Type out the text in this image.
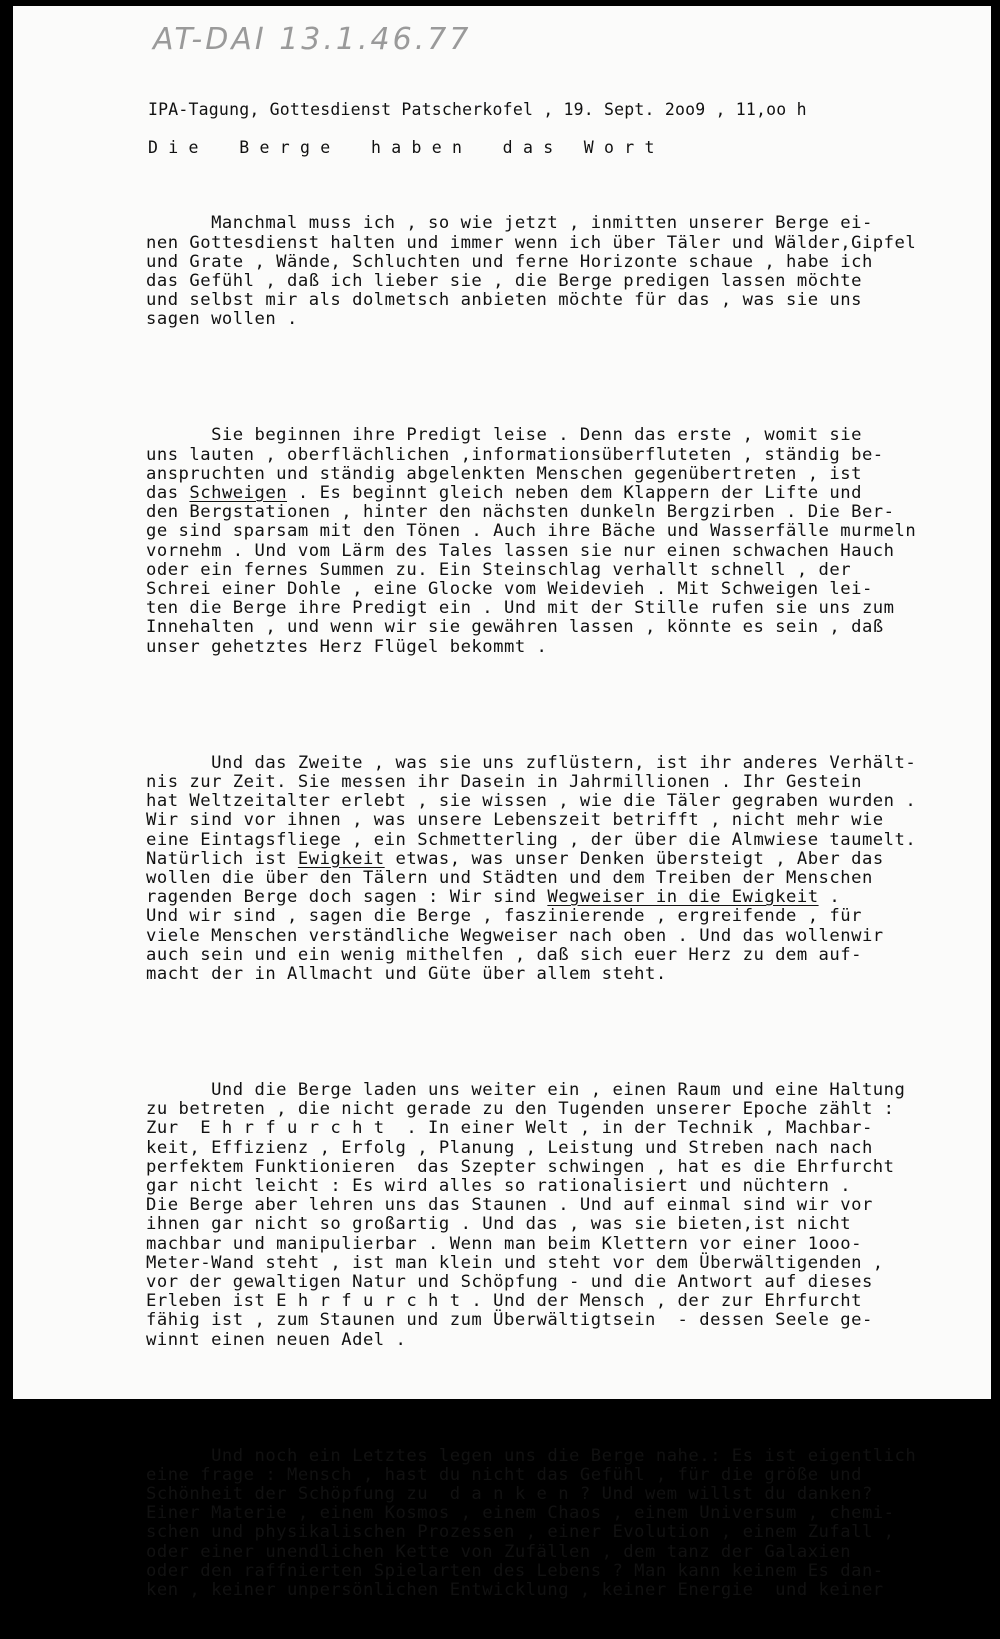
AT-DAI 13.1.46.77
IPA-Tagung, Gottesdienst Patscherkofel , 19. Sept. 2oo9 , 11,oo h
D i e    B e r g e    h a b e n    d a s   W o r t

Manchmal muss ich , so wie jetzt , inmitten unserer Berge ei-
nen Gottesdienst halten und immer wenn ich über Täler und Wälder,Gipfel
und Grate , Wände, Schluchten und ferne Horizonte schaue , habe ich
das Gefühl , daß ich lieber sie , die Berge predigen lassen möchte
und selbst mir als dolmetsch anbieten möchte für das , was sie uns
sagen wollen .

Sie beginnen ihre Predigt leise . Denn das erste , womit sie
uns lauten , oberflächlichen ,informationsüberfluteten , ständig be-
anspruchten und ständig abgelenkten Menschen gegenübertreten , ist
das Schweigen . Es beginnt gleich neben dem Klappern der Lifte und
den Bergstationen , hinter den nächsten dunkeln Bergzirben . Die Ber-
ge sind sparsam mit den Tönen . Auch ihre Bäche und Wasserfälle murmeln
vornehm . Und vom Lärm des Tales lassen sie nur einen schwachen Hauch
oder ein fernes Summen zu. Ein Steinschlag verhallt schnell , der
Schrei einer Dohle , eine Glocke vom Weidevieh . Mit Schweigen lei-
ten die Berge ihre Predigt ein . Und mit der Stille rufen sie uns zum
Innehalten , und wenn wir sie gewähren lassen , könnte es sein , daß
unser gehetztes Herz Flügel bekommt .

Und das Zweite , was sie uns zuflüstern, ist ihr anderes Verhält-
nis zur Zeit. Sie messen ihr Dasein in Jahrmillionen . Ihr Gestein
hat Weltzeitalter erlebt , sie wissen , wie die Täler gegraben wurden .
Wir sind vor ihnen , was unsere Lebenszeit betrifft , nicht mehr wie
eine Eintagsfliege , ein Schmetterling , der über die Almwiese taumelt.
Natürlich ist Ewigkeit etwas, was unser Denken übersteigt , Aber das
wollen die über den Tälern und Städten und dem Treiben der Menschen
ragenden Berge doch sagen : Wir sind Wegweiser in die Ewigkeit .
Und wir sind , sagen die Berge , faszinierende , ergreifende , für
viele Menschen verständliche Wegweiser nach oben . Und das wollenwir
auch sein und ein wenig mithelfen , daß sich euer Herz zu dem auf-
macht der in Allmacht und Güte über allem steht.

Und die Berge laden uns weiter ein , einen Raum und eine Haltung
zu betreten , die nicht gerade zu den Tugenden unserer Epoche zählt :
Zur  E h r f u r c h t  . In einer Welt , in der Technik , Machbar-
keit, Effizienz , Erfolg , Planung , Leistung und Streben nach nach
perfektem Funktionieren  das Szepter schwingen , hat es die Ehrfurcht
gar nicht leicht : Es wird alles so rationalisiert und nüchtern .
Die Berge aber lehren uns das Staunen . Und auf einmal sind wir vor
ihnen gar nicht so großartig . Und das , was sie bieten,ist nicht
machbar und manipulierbar . Wenn man beim Klettern vor einer 1ooo-
Meter-Wand steht , ist man klein und steht vor dem Überwältigenden ,
vor der gewaltigen Natur und Schöpfung - und die Antwort auf dieses
Erleben ist E h r f u r c h t . Und der Mensch , der zur Ehrfurcht
fähig ist , zum Staunen und zum Überwältigtsein  - dessen Seele ge-
winnt einen neuen Adel .

Und noch ein Letztes legen uns die Berge nahe.: Es ist eigentlich
eine frage : Mensch , hast du nicht das Gefühl , für die größe und
Schönheit der Schöpfung zu  d a n k e n ? Und wem willst du danken?
Einer Materie , einem Kosmos , einem Chaos , einem Universum , chemi-
schen und physikalischen Prozessen , einer Evolution , einem Zufall ,
oder einer unendlichen Kette von Zufällen , dem tanz der Galaxien
oder den raffnierten Spielarten des Lebens ? Man kann keinem Es dan-
ken , keiner unpersönlichen Entwicklung , keiner Energie  und keiner
